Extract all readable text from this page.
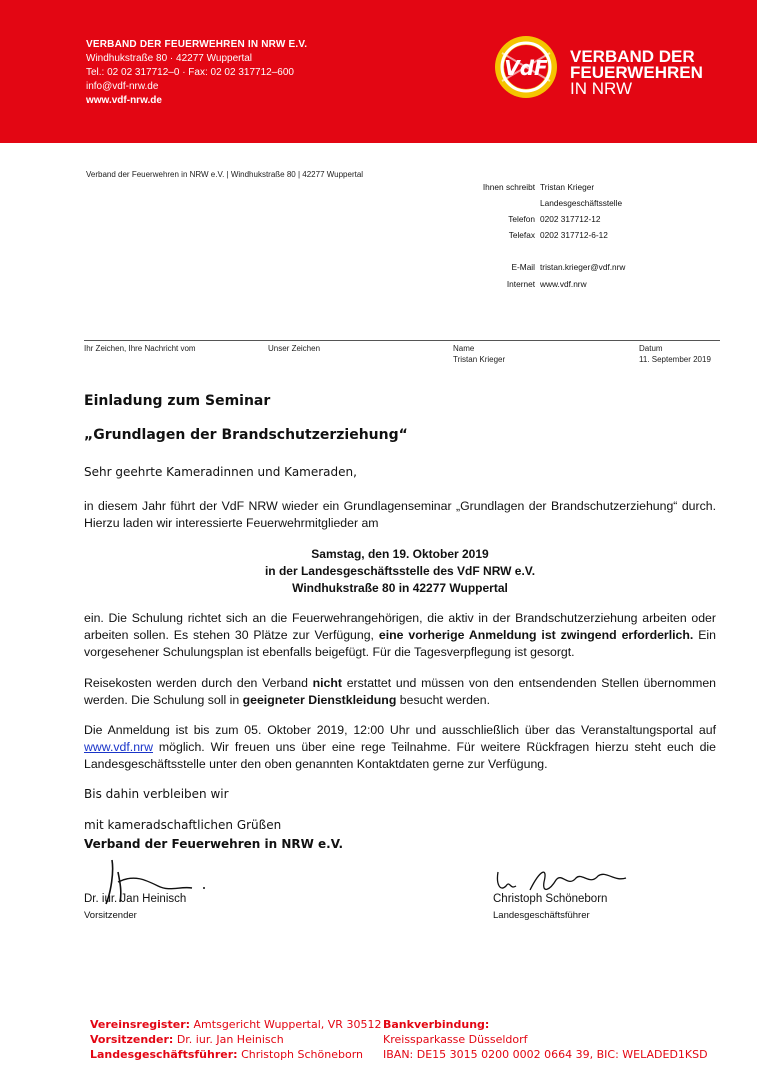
VERBAND DER FEUERWEHREN IN NRW E.V.
Windhukstraße 80 · 42277 Wuppertal
Tel.: 02 02 317712–0 · Fax: 02 02 317712–600
info@vdf-nrw.de
www.vdf-nrw.de
VdF VERBAND DER
FEUERWEHREN
IN NRW
Verband der Feuerwehren in NRW e.V. | Windhukstraße 80 | 42277 Wuppertal
Ihnen schreibt Tristan Krieger
Landesgeschäftsstelle
Telefon 0202 317712-12
Telefax 0202 317712-6-12
E-Mail tristan.krieger@vdf.nrw
Internet www.vdf.nrw
Ihr Zeichen, Ihre Nachricht vom	Unser Zeichen	Name
Tristan Krieger
Datum
11. September 2019
Einladung zum Seminar
„Grundlagen der Brandschutzerziehung“
Sehr geehrte Kameradinnen und Kameraden,
in diesem Jahr führt der VdF NRW wieder ein Grundlagenseminar „Grundlagen der Brandschutzerziehung“ durch. Hierzu laden wir interessierte Feuerwehrmitglieder am
Samstag, den 19. Oktober 2019
in der Landesgeschäftsstelle des VdF NRW e.V.
Windhukstraße 80 in 42277 Wuppertal
ein. Die Schulung richtet sich an die Feuerwehrangehörigen, die aktiv in der Brandschutzerziehung arbeiten oder arbeiten sollen. Es stehen 30 Plätze zur Verfügung, eine vorherige Anmeldung ist zwingend erforderlich. Ein vorgesehener Schulungsplan ist ebenfalls beigefügt. Für die Tagesverpflegung ist gesorgt.
Reisekosten werden durch den Verband nicht erstattet und müssen von den entsendenden Stellen übernommen werden. Die Schulung soll in geeigneter Dienstkleidung besucht werden.
Die Anmeldung ist bis zum 05. Oktober 2019, 12:00 Uhr und ausschließlich über das Veranstaltungsportal auf www.vdf.nrw möglich. Wir freuen uns über eine rege Teilnahme. Für weitere Rückfragen hierzu steht euch die Landesgeschäftsstelle unter den oben genannten Kontaktdaten gerne zur Verfügung.
Bis dahin verbleiben wir
mit kameradschaftlichen Grüßen
Verband der Feuerwehren in NRW e.V.
Dr. iur. Jan Heinisch
Vorsitzender
Christoph Schöneborn
Landesgeschäftsführer
Vereinsregister: Amtsgericht Wuppertal, VR 30512
Vorsitzender: Dr. iur. Jan Heinisch
Landesgeschäftsführer: Christoph Schöneborn
Bankverbindung:
Kreissparkasse Düsseldorf
IBAN: DE15 3015 0200 0002 0664 39, BIC: WELADED1KSD
